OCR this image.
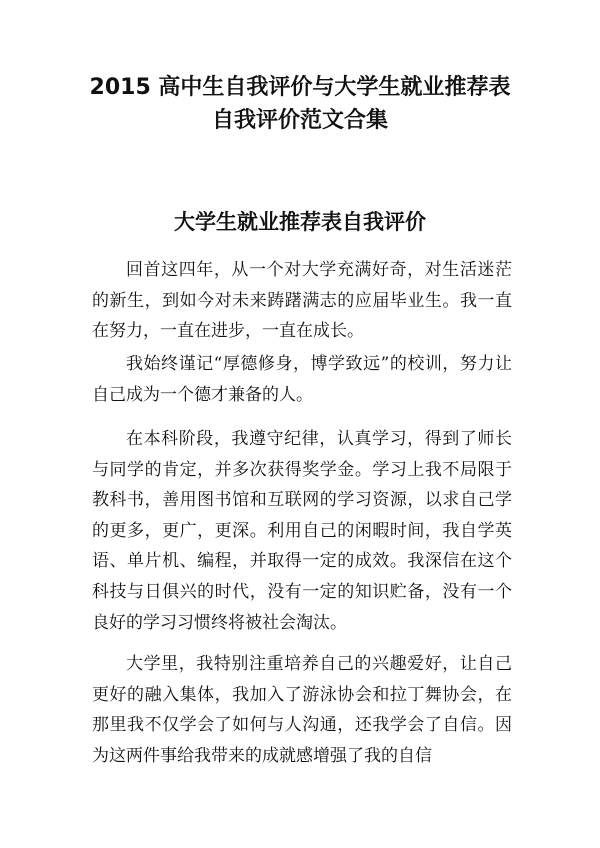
2015 高中生自我评价与大学生就业推荐表
自我评价范文合集
大学生就业推荐表自我评价

回首这四年，从一个对大学充满好奇，对生活迷茫的新生，到如今对未来踌躇满志的应届毕业生。我一直在努力，一直在进步，一直在成长。

我始终谨记“厚德修身，博学致远”的校训，努力让自己成为一个德才兼备的人。

在本科阶段，我遵守纪律，认真学习，得到了师长与同学的肯定，并多次获得奖学金。学习上我不局限于教科书，善用图书馆和互联网的学习资源，以求自己学的更多，更广，更深。利用自己的闲暇时间，我自学英语、单片机、编程，并取得一定的成效。我深信在这个科技与日俱兴的时代，没有一定的知识贮备，没有一个良好的学习习惯终将被社会淘汰。

大学里，我特别注重培养自己的兴趣爱好，让自己更好的融入集体，我加入了游泳协会和拉丁舞协会，在那里我不仅学会了如何与人沟通，还我学会了自信。因为这两件事给我带来的成就感增强了我的自信
